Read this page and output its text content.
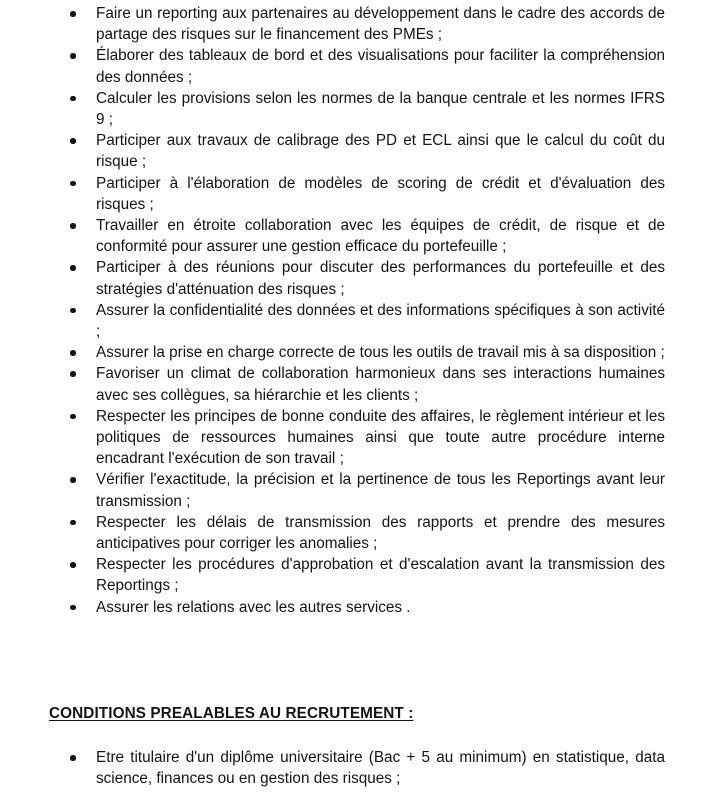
Faire un reporting aux partenaires au développement dans le cadre des accords de partage des risques sur le financement des PMEs ;
Élaborer des tableaux de bord et des visualisations pour faciliter la compréhension des données ;
Calculer les provisions selon les normes de la banque centrale et les normes IFRS 9 ;
Participer aux travaux de calibrage des PD et ECL ainsi que le calcul du coût du risque ;
Participer à l'élaboration de modèles de scoring de crédit et d'évaluation des risques ;
Travailler en étroite collaboration avec les équipes de crédit, de risque et de conformité pour assurer une gestion efficace du portefeuille ;
Participer à des réunions pour discuter des performances du portefeuille et des stratégies d'atténuation des risques ;
Assurer la confidentialité des données et des informations spécifiques à son activité ;
Assurer la prise en charge correcte de tous les outils de travail mis à sa disposition ;
Favoriser un climat de collaboration harmonieux dans ses interactions humaines avec ses collègues, sa hiérarchie et les clients ;
Respecter les principes de bonne conduite des affaires, le règlement intérieur et les politiques de ressources humaines ainsi que toute autre procédure interne encadrant l'exécution de son travail ;
Vérifier l'exactitude, la précision et la pertinence de tous les Reportings avant leur transmission ;
Respecter les délais de transmission des rapports et prendre des mesures anticipatives pour corriger les anomalies ;
Respecter les procédures d'approbation et d'escalation avant la transmission des Reportings ;
Assurer les relations avec les autres services .
CONDITIONS PREALABLES AU RECRUTEMENT :
Etre titulaire d'un diplôme universitaire (Bac + 5 au minimum) en statistique, data science, finances ou en gestion des risques ;
